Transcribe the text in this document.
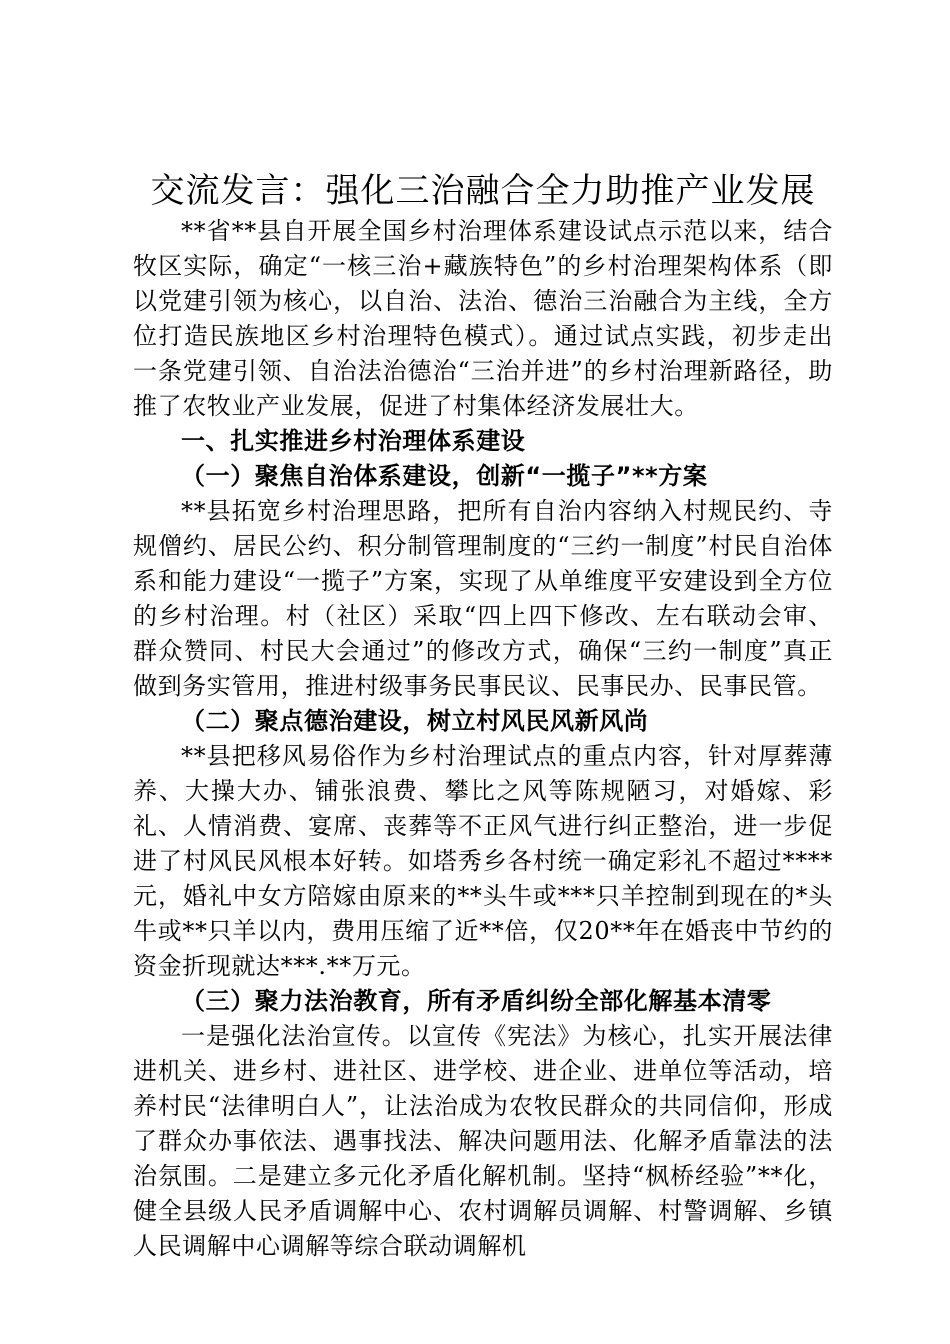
交流发言：强化三治融合全力助推产业发展

**省**县自开展全国乡村治理体系建设试点示范以来，结合牧区实际，确定“一核三治+藏族特色”的乡村治理架构体系（即以党建引领为核心，以自治、法治、德治三治融合为主线，全方位打造民族地区乡村治理特色模式）。通过试点实践，初步走出一条党建引领、自治法治德治“三治并进”的乡村治理新路径，助推了农牧业产业发展，促进了村集体经济发展壮大。

一、扎实推进乡村治理体系建设

（一）聚焦自治体系建设，创新“一揽子”**方案

**县拓宽乡村治理思路，把所有自治内容纳入村规民约、寺规僧约、居民公约、积分制管理制度的“三约一制度”村民自治体系和能力建设“一揽子”方案，实现了从单维度平安建设到全方位的乡村治理。村（社区）采取“四上四下修改、左右联动会审、群众赞同、村民大会通过”的修改方式，确保“三约一制度”真正做到务实管用，推进村级事务民事民议、民事民办、民事民管。

（二）聚点德治建设，树立村风民风新风尚

**县把移风易俗作为乡村治理试点的重点内容，针对厚葬薄养、大操大办、铺张浪费、攀比之风等陈规陋习，对婚嫁、彩礼、人情消费、宴席、丧葬等不正风气进行纠正整治，进一步促进了村风民风根本好转。如塔秀乡各村统一确定彩礼不超过****元，婚礼中女方陪嫁由原来的**头牛或***只羊控制到现在的*头牛或**只羊以内，费用压缩了近**倍，仅20**年在婚丧中节约的资金折现就达***.**万元。

（三）聚力法治教育，所有矛盾纠纷全部化解基本清零

一是强化法治宣传。以宣传《宪法》为核心，扎实开展法律进机关、进乡村、进社区、进学校、进企业、进单位等活动，培养村民“法律明白人”，让法治成为农牧民群众的共同信仰，形成了群众办事依法、遇事找法、解决问题用法、化解矛盾靠法的法治氛围。二是建立多元化矛盾化解机制。坚持“枫桥经验”**化，健全县级人民矛盾调解中心、农村调解员调解、村警调解、乡镇人民调解中心调解等综合联动调解机
